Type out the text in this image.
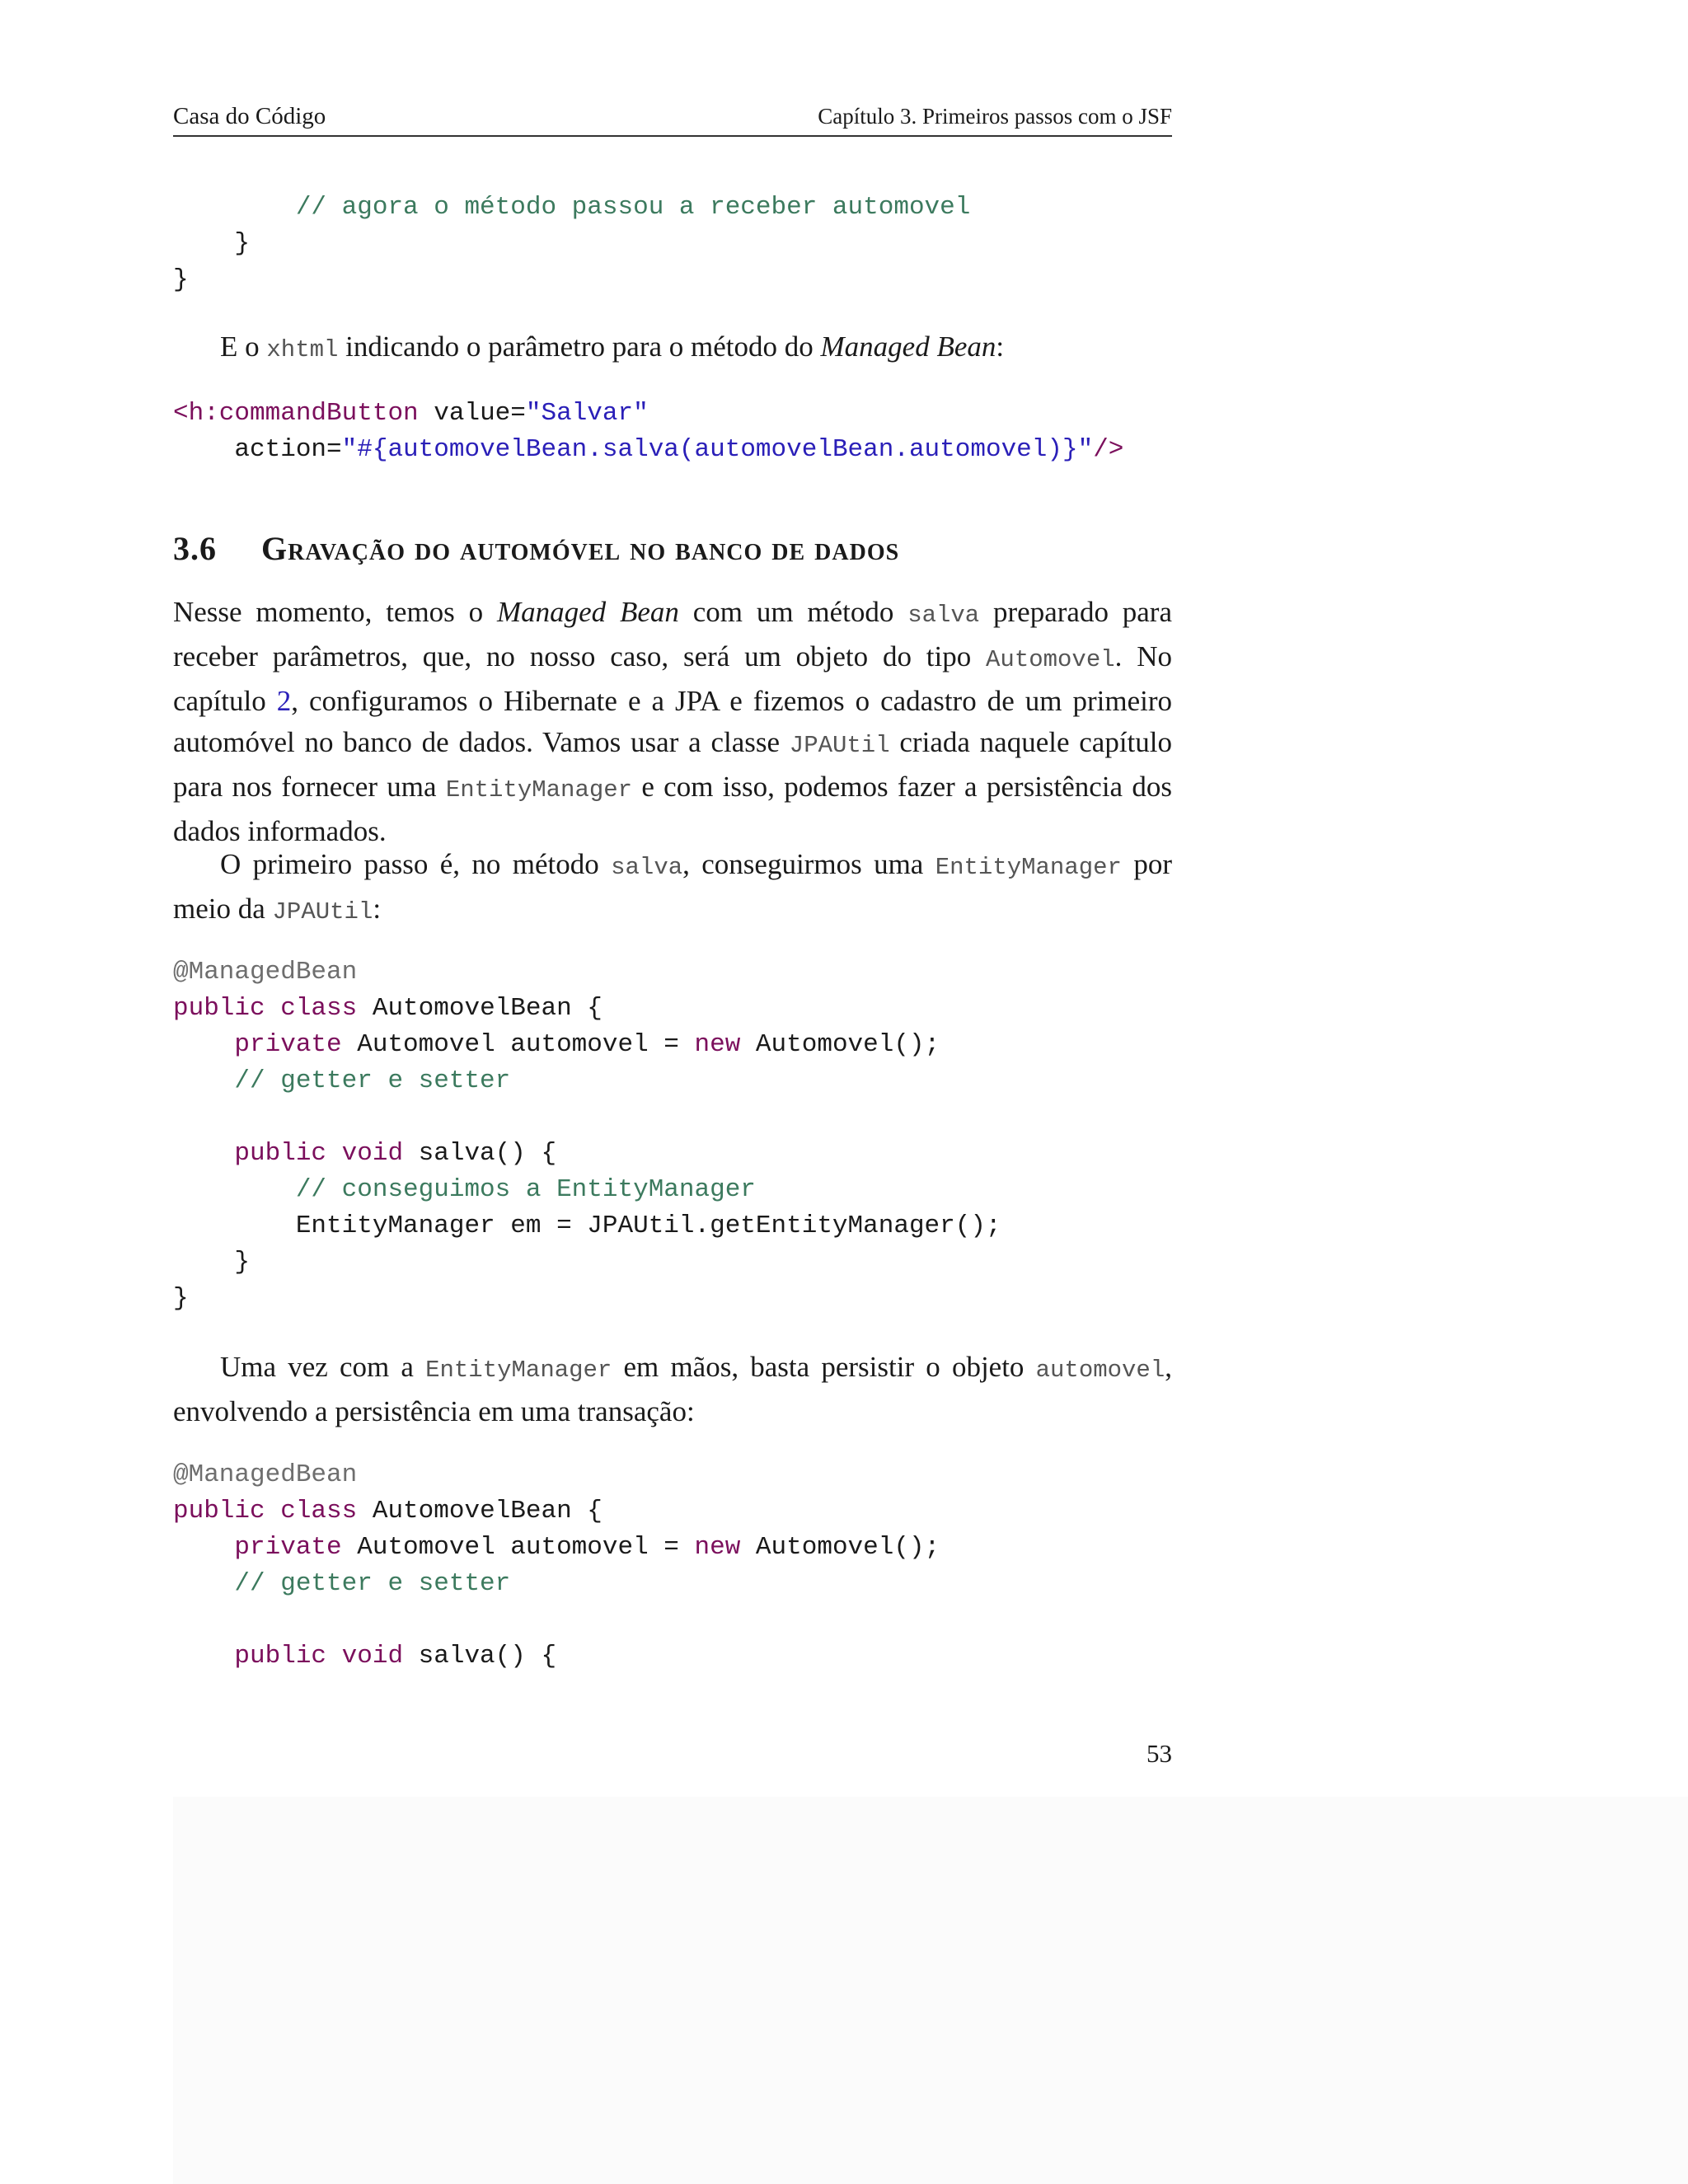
Casa do Código	Capítulo 3. Primeiros passos com o JSF
// agora o método passou a receber automovel
}
}

E o xhtml indicando o parâmetro para o método do Managed Bean:

<h:commandButton value="Salvar"
action="#{automovelBean.salva(automovelBean.automovel)}"/>
3.6 Gravação do automóvel no banco de dados

Nesse momento, temos o Managed Bean com um método salva preparado para receber parâmetros, que, no nosso caso, será um objeto do tipo Automovel. No capítulo 2, configuramos o Hibernate e a JPA e fizemos o cadastro de um primeiro automóvel no banco de dados. Vamos usar a classe JPAUtil criada naquele capítulo para nos fornecer uma EntityManager e com isso, podemos fazer a persistência dos dados informados.

O primeiro passo é, no método salva, conseguirmos uma EntityManager por meio da JPAUtil:

@ManagedBean
public class AutomovelBean {
private Automovel automovel = new Automovel();
// getter e setter
public void salva() {
// conseguimos a EntityManager
EntityManager em = JPAUtil.getEntityManager();
}
}

Uma vez com a EntityManager em mãos, basta persistir o objeto automovel, envolvendo a persistência em uma transação:

@ManagedBean
public class AutomovelBean {
private Automovel automovel = new Automovel();
// getter e setter
public void salva() {
53
